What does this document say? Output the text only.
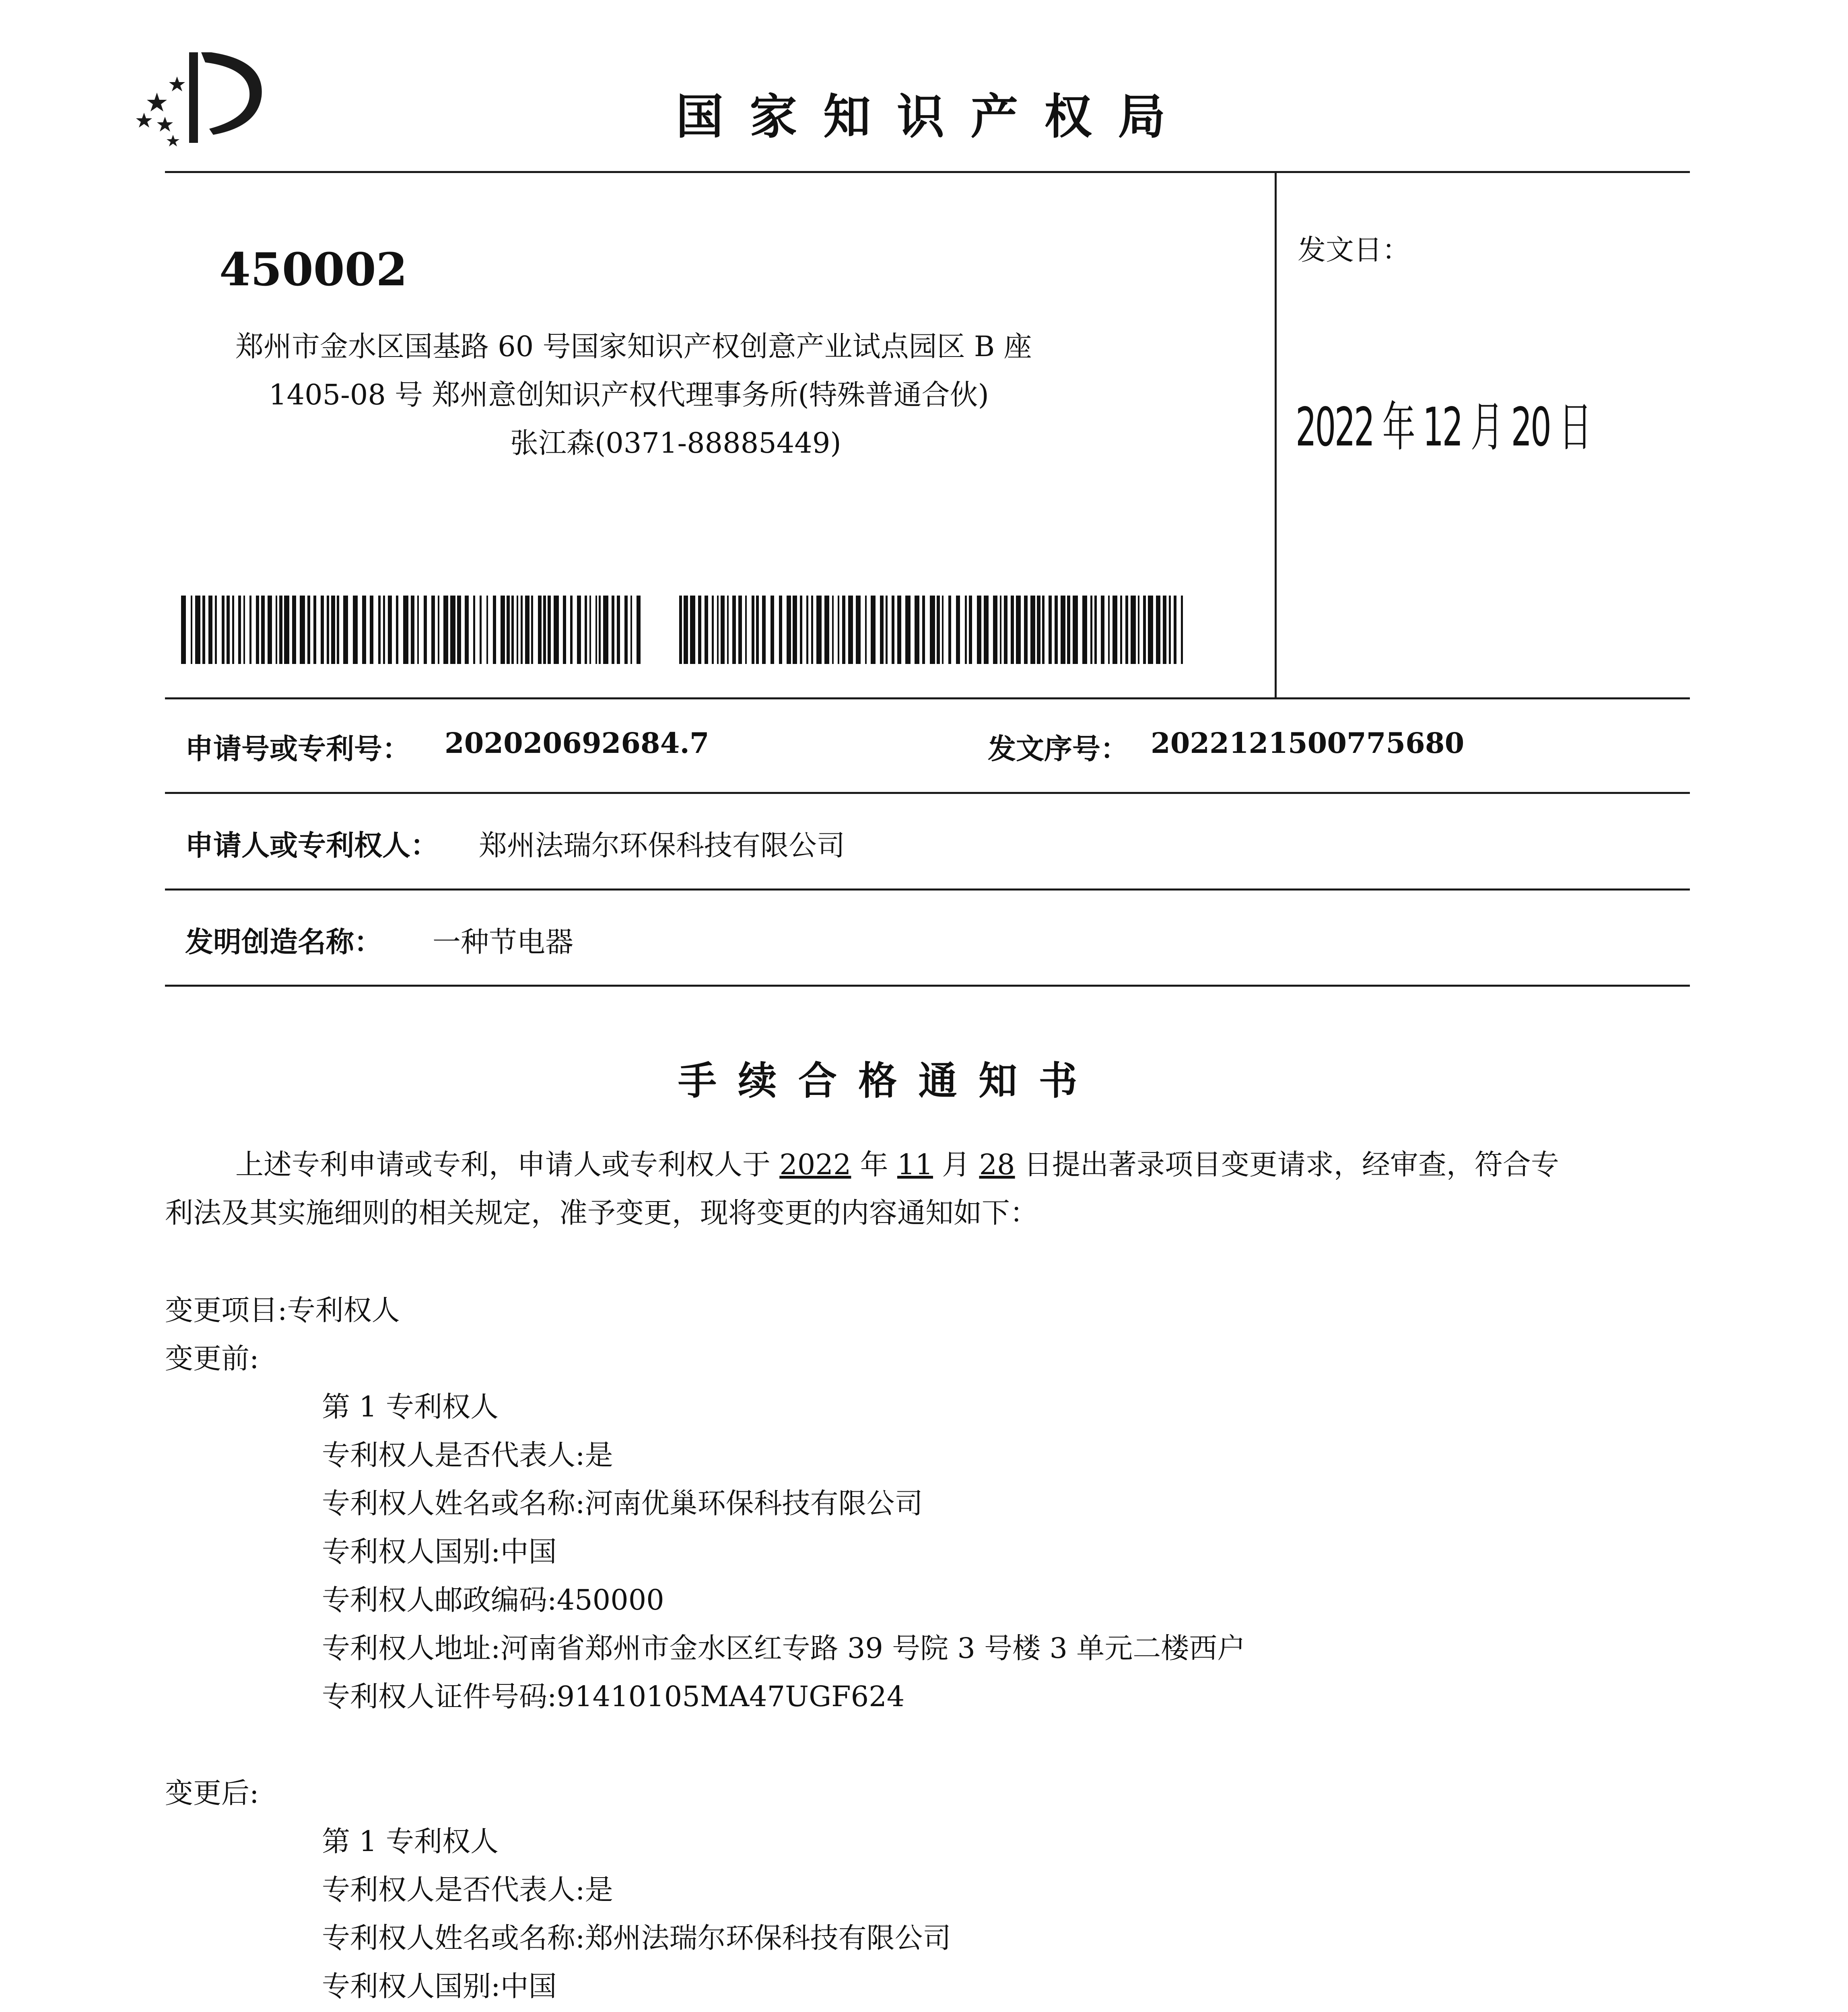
国 家 知 识 产 权 局
450002
郑州市金水区国基路 60 号国家知识产权创意产业试点园区 B 座
1405-08 号 郑州意创知识产权代理事务所(特殊普通合伙)
张江森(0371-88885449)
发文日：
2022 年 12 月 20 日
申请号或专利号： 202020692684.7	发文序号： 2022121500775680
申请人或专利权人： 郑州法瑞尔环保科技有限公司
发明创造名称： 一种节电器
手 续 合 格 通 知 书
上述专利申请或专利，申请人或专利权人于 2022 年 11 月 28 日提出著录项目变更请求，经审查，符合专
利法及其实施细则的相关规定，准予变更，现将变更的内容通知如下：
变更项目:专利权人
变更前:
第 1 专利权人
专利权人是否代表人:是
专利权人姓名或名称:河南优巢环保科技有限公司
专利权人国别:中国
专利权人邮政编码:450000
专利权人地址:河南省郑州市金水区红专路 39 号院 3 号楼 3 单元二楼西户
专利权人证件号码:91410105MA47UGF624
变更后:
第 1 专利权人
专利权人是否代表人:是
专利权人姓名或名称:郑州法瑞尔环保科技有限公司
专利权人国别:中国
